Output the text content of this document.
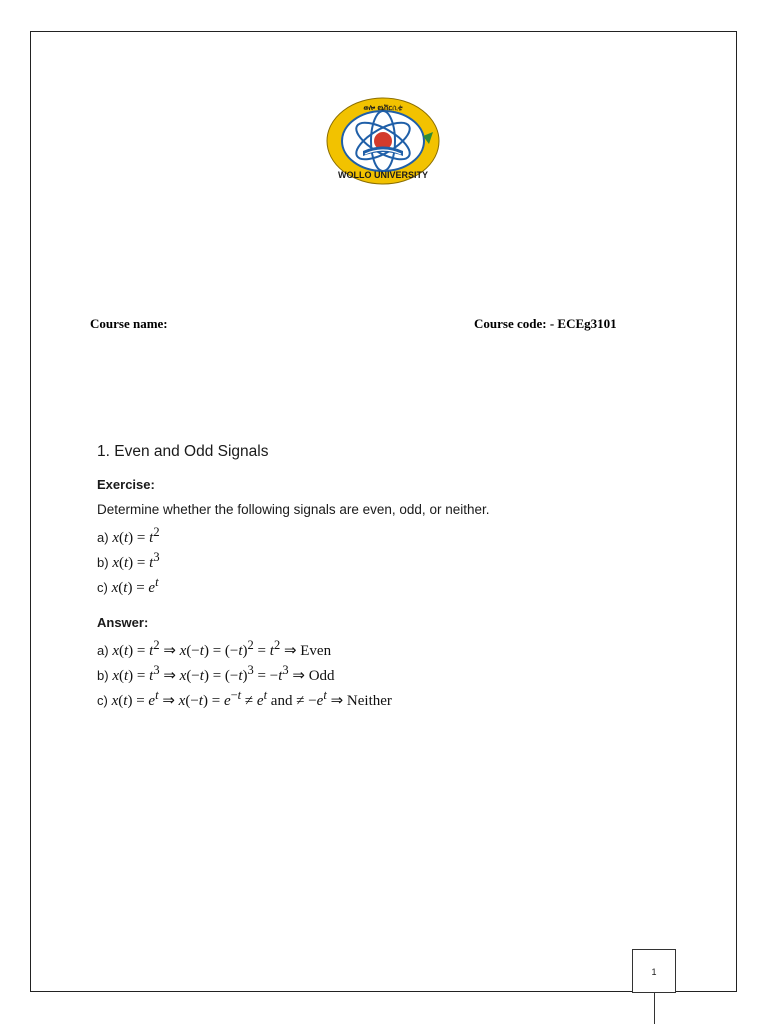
WOLLO UNIVERSITY
ወሎ ዩኒቨርሲቲ
Course name:	Course code: - ECEg3101
1. Even and Odd Signals
Exercise:
Determine whether the following signals are even, odd, or neither.
a) $x(t) = t^2$
b) $x(t) = t^3$
c) $x(t) = e^t$
Answer:
a) $x(t) = t^2$ ⇒ $x(-t) = (-t)^2 = t^2$ ⇒ Even
b) $x(t) = t^3$ ⇒ $x(-t) = (-t)^3 = -t^3$ ⇒ Odd
c) $x(t) = e^t$ ⇒ $x(-t) = e^{-t} \ne e^t$ and ≠ $-e^t$ ⇒ Neither
1
